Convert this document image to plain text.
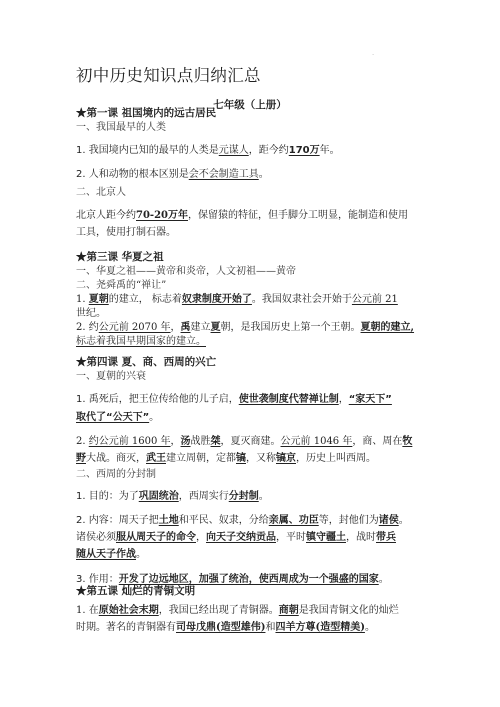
·
初中历史知识点归纳汇总
七年级（上册）
★第一课 祖国境内的远古居民
一、我国最早的人类
1. 我国境内已知的最早的人类是元谋人，距今约170万年。
2. 人和动物的根本区别是会不会制造工具。
二、北京人
北京人距今约70-20万年，保留猿的特征，但手脚分工明显，能制造和使用
工具，使用打制石器。
★第三课 华夏之祖
一、华夏之祖——黄帝和炎帝，人文初祖——黄帝
二、尧舜禹的“禅让”
1. 夏朝的建立， 标志着奴隶制度开始了。我国奴隶社会开始于公元前 21
世纪。
2. 约公元前 2070 年，禹建立夏朝，是我国历史上第一个王朝。夏朝的建立,
标志着我国早期国家的建立。
★第四课 夏、商、西周的兴亡
一、夏朝的兴衰
1. 禹死后，把王位传给他的儿子启，使世袭制度代替禅让制，“家天下”
取代了“公天下”。
2. 约公元前 1600 年，汤战胜桀，夏灭商建。公元前 1046 年，商、周在牧
野大战。商灭，武王建立周朝，定都镐，又称镐京，历史上叫西周。
二、西周的分封制
1. 目的：为了巩固统治，西周实行分封制。
2. 内容：周天子把土地和平民、奴隶，分给亲属、功臣等，封他们为诸侯。
诸侯必须服从周天子的命令，向天子交纳贡品，平时镇守疆土，战时带兵
随从天子作战。
3. 作用：开发了边远地区，加强了统治，使西周成为一个强盛的国家。
★第五课 灿烂的青铜文明
1. 在原始社会末期，我国已经出现了青铜器。商朝是我国青铜文化的灿烂
时期。著名的青铜器有司母戊鼎(造型雄伟)和四羊方尊(造型精美)。
